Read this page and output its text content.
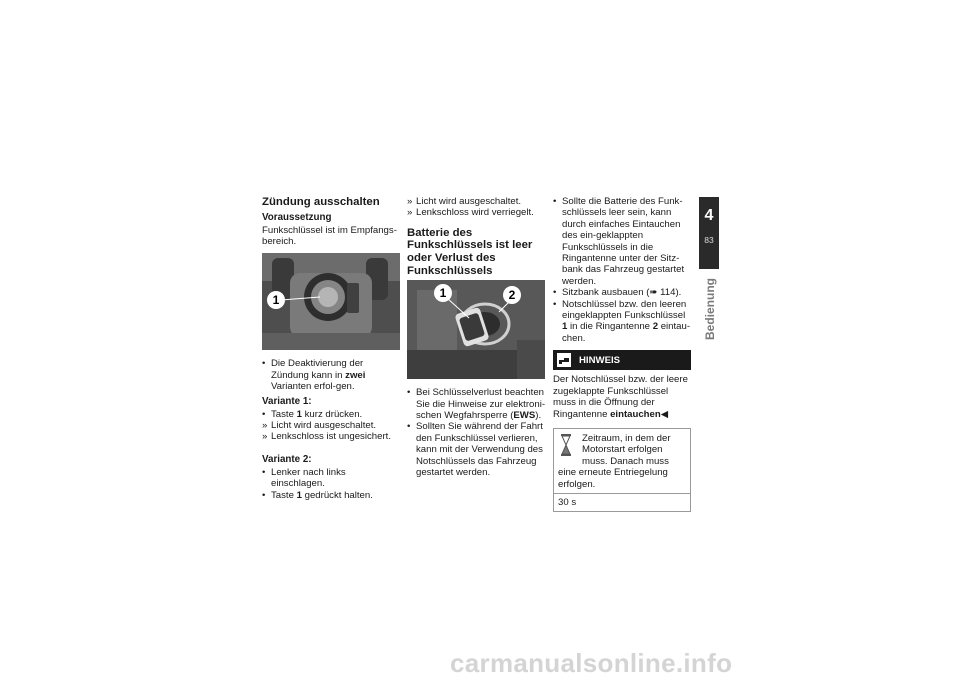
Zündung ausschalten
Voraussetzung

Funkschlüssel ist im Empfangs-bereich.

1
• Die Deaktivierung der Zündung kann in zwei Varianten erfol-gen.
Variante 1:
• Taste 1 kurz drücken.
» Licht wird ausgeschaltet.
» Lenkschloss ist ungesichert.
Variante 2:
• Lenker nach links einschlagen.
• Taste 1 gedrückt halten.
» Licht wird ausgeschaltet.
» Lenkschloss wird verriegelt.
Batterie des Funkschlüssels ist leer oder Verlust des Funkschlüssels
1	2
• Bei Schlüsselverlust beachten Sie die Hinweise zur elektroni-schen Wegfahrsperre (EWS).
• Sollten Sie während der Fahrt den Funkschlüssel verlieren, kann mit der Verwendung des Notschlüssels das Fahrzeug gestartet werden.
• Sollte die Batterie des Funk-schlüssels leer sein, kann durch einfaches Eintauchen des ein-geklappten Funkschlüssels in die Ringantenne unter der Sitz-bank das Fahrzeug gestartet werden.
• Sitzbank ausbauen (➠ 114).
• Notschlüssel bzw. den leeren eingeklappten Funkschlüssel 1 in die Ringantenne 2 eintau-chen.
HINWEIS

Der Notschlüssel bzw. der leere zugeklappte Funkschlüssel muss in die Öffnung der Ringantenne eintauchen◀

Zeitraum, in dem der Motorstart erfolgen muss. Danach muss eine erneute Entriegelung erfolgen.
30 s
4
83
Bedienung
carmanualsonline.info
